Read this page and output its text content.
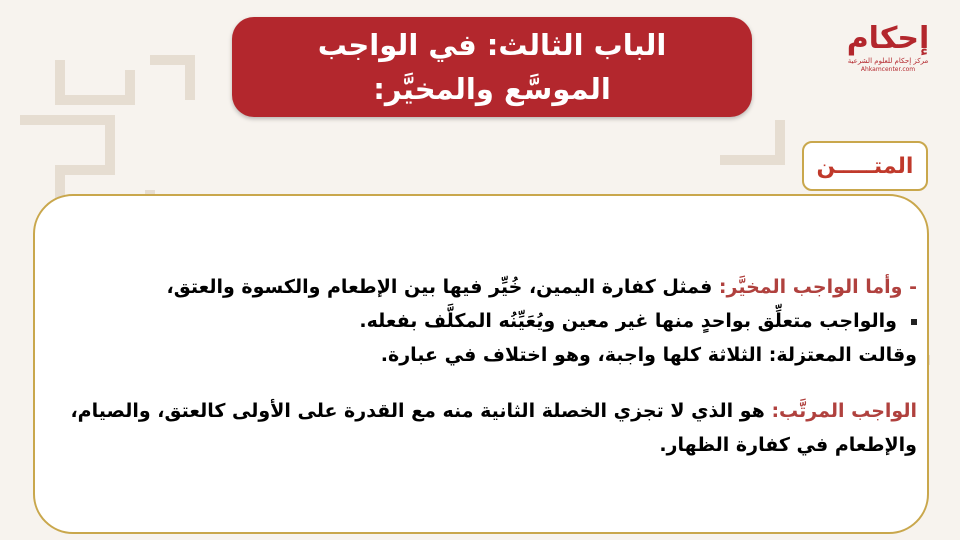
الباب الثالث: في الواجب
الموسَّع والمخيَّر:
إحكام
مركز إحكام للعلوم الشرعية
Ahkamcenter.com
المتـــــن
- وأما الواجب المخيَّر: فمثل كفارة اليمين، خُيِّر فيها بين الإطعام والكسوة والعتق،
والواجب متعلِّق بواحدٍ منها غير معين ويُعَيِّنُه المكلَّف بفعله.
وقالت المعتزلة: الثلاثة كلها واجبة، وهو اختلاف في عبارة.
الواجب المرتَّب: هو الذي لا تجزي الخصلة الثانية منه مع القدرة على الأولى كالعتق، والصيام،
والإطعام في كفارة الظهار.
